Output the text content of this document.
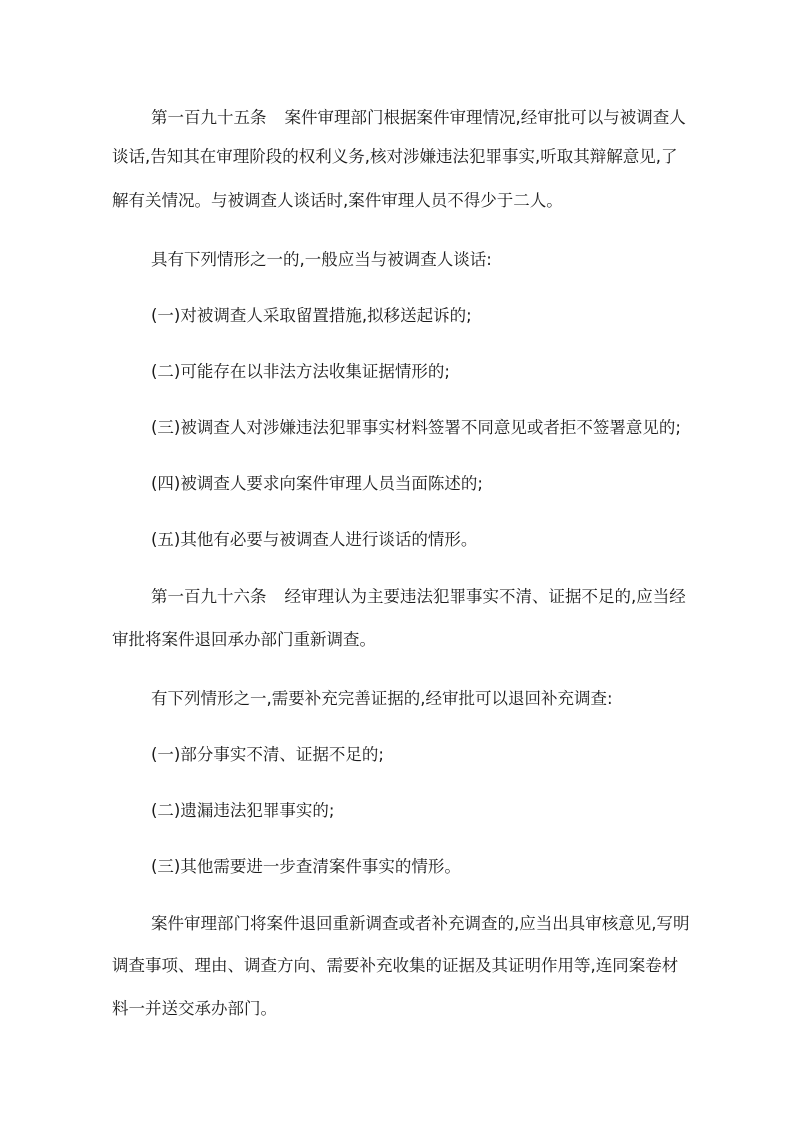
第一百九十五条 案件审理部门根据案件审理情况,经审批可以与被调查人
谈话,告知其在审理阶段的权利义务,核对涉嫌违法犯罪事实,听取其辩解意见,了
解有关情况。与被调查人谈话时,案件审理人员不得少于二人。
具有下列情形之一的,一般应当与被调查人谈话:
(一)对被调查人采取留置措施,拟移送起诉的;
(二)可能存在以非法方法收集证据情形的;
(三)被调查人对涉嫌违法犯罪事实材料签署不同意见或者拒不签署意见的;
(四)被调查人要求向案件审理人员当面陈述的;
(五)其他有必要与被调查人进行谈话的情形。
第一百九十六条 经审理认为主要违法犯罪事实不清、证据不足的,应当经
审批将案件退回承办部门重新调查。
有下列情形之一,需要补充完善证据的,经审批可以退回补充调查:
(一)部分事实不清、证据不足的;
(二)遗漏违法犯罪事实的;
(三)其他需要进一步查清案件事实的情形。
案件审理部门将案件退回重新调查或者补充调查的,应当出具审核意见,写明
调查事项、理由、调查方向、需要补充收集的证据及其证明作用等,连同案卷材
料一并送交承办部门。
